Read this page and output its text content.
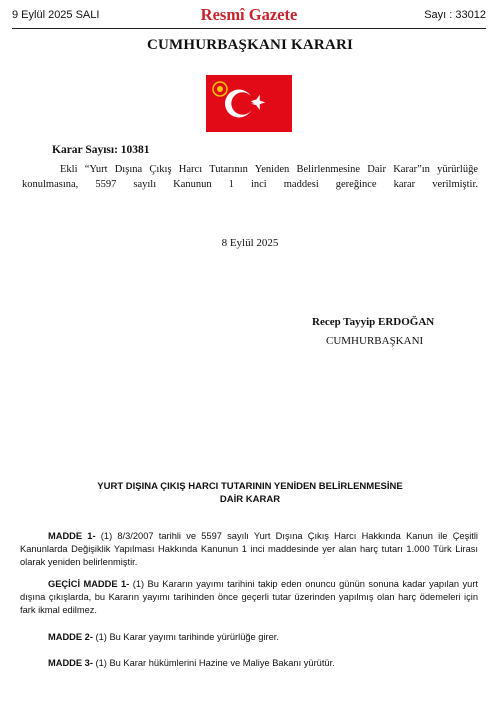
9 Eylül 2025 SALI	Resmî Gazete	Sayı : 33012
CUMHURBAŞKANI KARARI
Karar Sayısı: 10381
Ekli “Yurt Dışına Çıkış Harcı Tutarının Yeniden Belirlenmesine Dair Karar”ın yürürlüğe konulmasına, 5597 sayılı Kanunun 1 inci maddesi gereğince karar verilmiştir.
8 Eylül 2025
Recep Tayyip ERDOĞAN
CUMHURBAŞKANI
YURT DIŞINA ÇIKIŞ HARCI TUTARININ YENİDEN BELİRLENMESİNE
DAİR KARAR
MADDE 1- (1) 8/3/2007 tarihli ve 5597 sayılı Yurt Dışına Çıkış Harcı Hakkında Kanun ile Çeşitli Kanunlarda Değişiklik Yapılması Hakkında Kanunun 1 inci maddesinde yer alan harç tutarı 1.000 Türk Lirası olarak yeniden belirlenmiştir.
GEÇİCİ MADDE 1- (1) Bu Kararın yayımı tarihini takip eden onuncu günün sonuna kadar yapılan yurt dışına çıkışlarda, bu Kararın yayımı tarihinden önce geçerli tutar üzerinden yapılmış olan harç ödemeleri için fark ikmal edilmez.
MADDE 2- (1) Bu Karar yayımı tarihinde yürürlüğe girer.
MADDE 3- (1) Bu Karar hükümlerini Hazine ve Maliye Bakanı yürütür.
